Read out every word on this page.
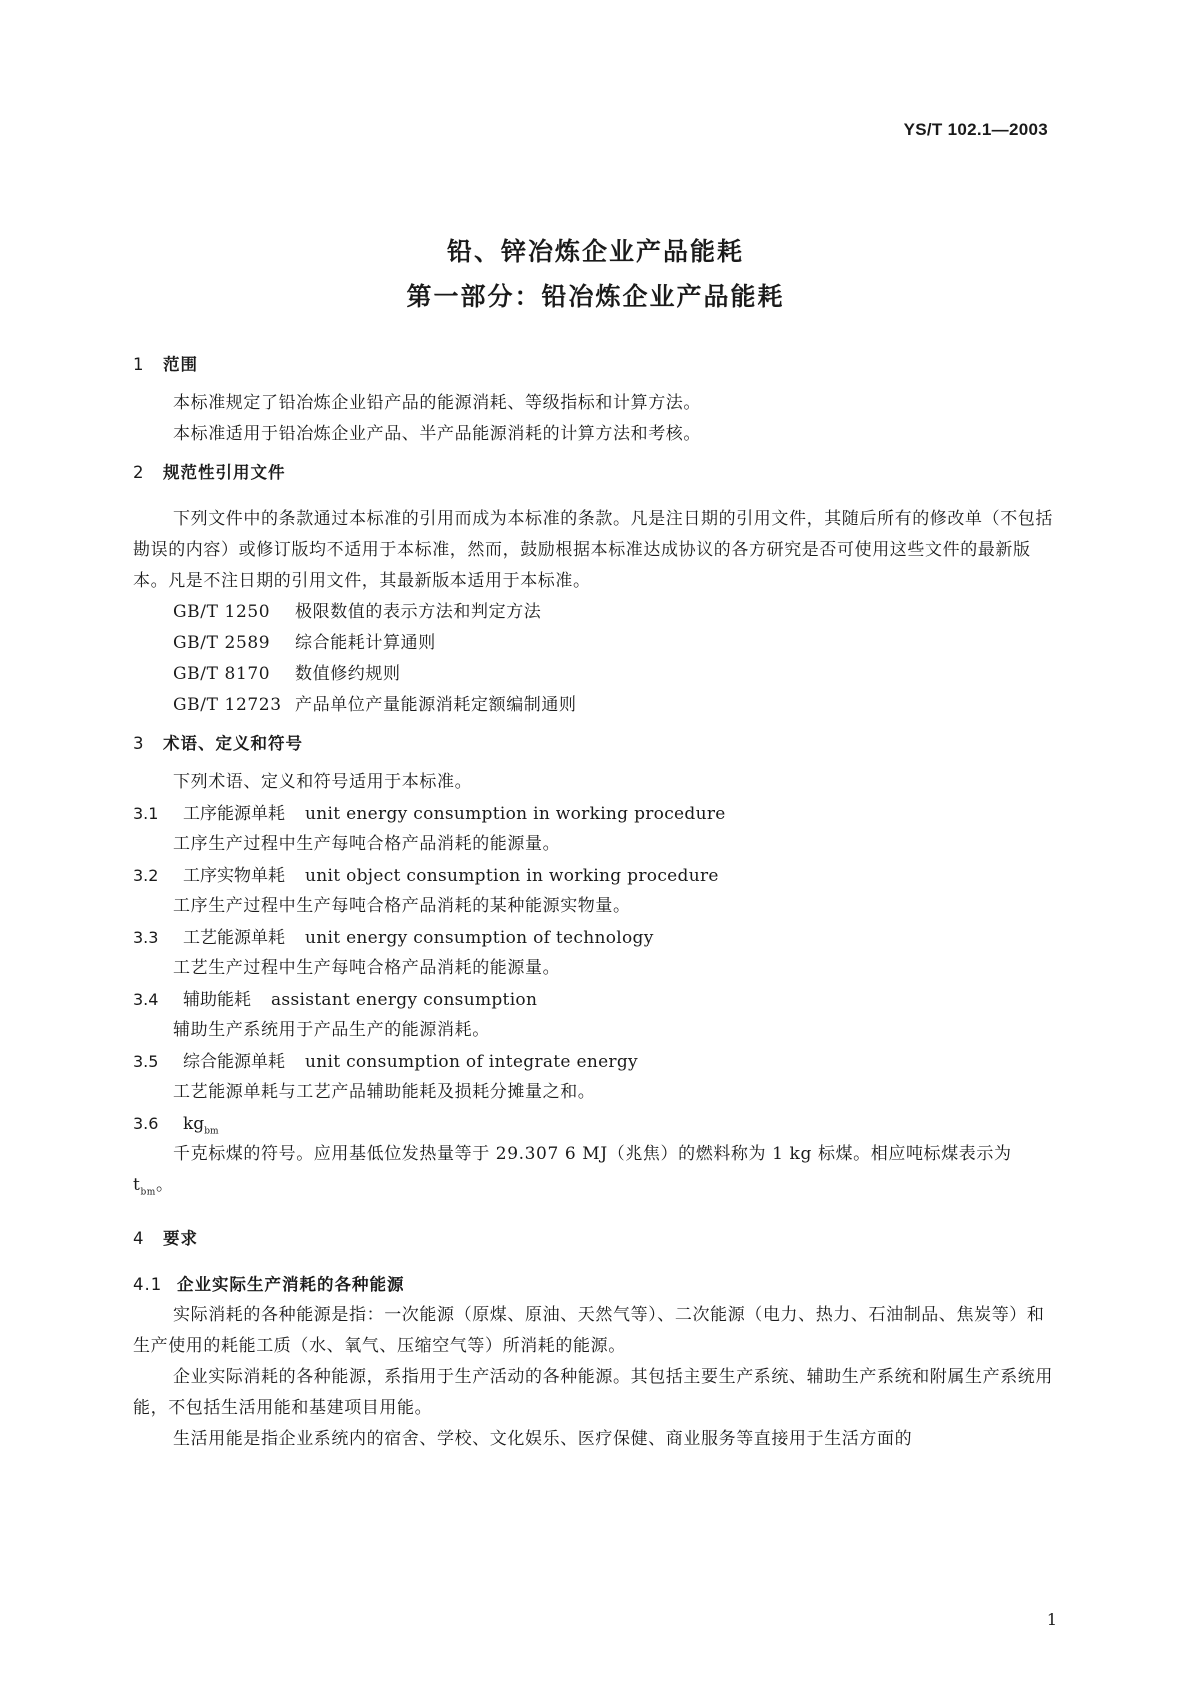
YS/T 102.1—2003
铅、锌冶炼企业产品能耗
第一部分：铅冶炼企业产品能耗
1 范围

本标准规定了铅冶炼企业铅产品的能源消耗、等级指标和计算方法。

本标准适用于铅冶炼企业产品、半产品能源消耗的计算方法和考核。

2 规范性引用文件

下列文件中的条款通过本标准的引用而成为本标准的条款。凡是注日期的引用文件，其随后所有的修改单（不包括勘误的内容）或修订版均不适用于本标准，然而，鼓励根据本标准达成协议的各方研究是否可使用这些文件的最新版本。凡是不注日期的引用文件，其最新版本适用于本标准。

GB/T 1250 极限数值的表示方法和判定方法

GB/T 2589 综合能耗计算通则

GB/T 8170 数值修约规则

GB/T 12723 产品单位产量能源消耗定额编制通则

3 术语、定义和符号

下列术语、定义和符号适用于本标准。

3.1 工序能源单耗 unit energy consumption in working procedure

工序生产过程中生产每吨合格产品消耗的能源量。

3.2 工序实物单耗 unit object consumption in working procedure

工序生产过程中生产每吨合格产品消耗的某种能源实物量。

3.3 工艺能源单耗 unit energy consumption of technology

工艺生产过程中生产每吨合格产品消耗的能源量。

3.4 辅助能耗 assistant energy consumption

辅助生产系统用于产品生产的能源消耗。

3.5 综合能源单耗 unit consumption of integrate energy

工艺能源单耗与工艺产品辅助能耗及损耗分摊量之和。

3.6 $kg_{bm}$

千克标煤的符号。应用基低位发热量等于 29.307 6 MJ（兆焦）的燃料称为 1 kg 标煤。相应吨标煤表示为 $t_{bm}$。

4 要求
4.1 企业实际生产消耗的各种能源

实际消耗的各种能源是指：一次能源（原煤、原油、天然气等）、二次能源（电力、热力、石油制品、焦炭等）和生产使用的耗能工质（水、氧气、压缩空气等）所消耗的能源。

企业实际消耗的各种能源，系指用于生产活动的各种能源。其包括主要生产系统、辅助生产系统和附属生产系统用能，不包括生活用能和基建项目用能。

生活用能是指企业系统内的宿舍、学校、文化娱乐、医疗保健、商业服务等直接用于生活方面的

1
